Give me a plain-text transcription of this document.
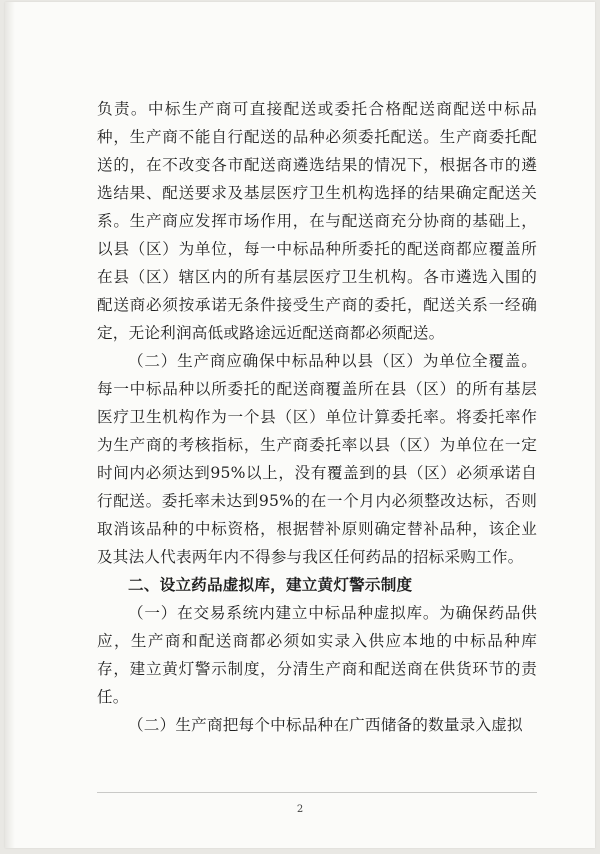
负责。中标生产商可直接配送或委托合格配送商配送中标品种，生产商不能自行配送的品种必须委托配送。生产商委托配送的，在不改变各市配送商遴选结果的情况下，根据各市的遴选结果、配送要求及基层医疗卫生机构选择的结果确定配送关系。生产商应发挥市场作用，在与配送商充分协商的基础上，以县（区）为单位，每一中标品种所委托的配送商都应覆盖所在县（区）辖区内的所有基层医疗卫生机构。各市遴选入围的配送商必须按承诺无条件接受生产商的委托，配送关系一经确定，无论利润高低或路途远近配送商都必须配送。

（二）生产商应确保中标品种以县（区）为单位全覆盖。每一中标品种以所委托的配送商覆盖所在县（区）的所有基层医疗卫生机构作为一个县（区）单位计算委托率。将委托率作为生产商的考核指标，生产商委托率以县（区）为单位在一定时间内必须达到95%以上，没有覆盖到的县（区）必须承诺自行配送。委托率未达到95%的在一个月内必须整改达标，否则取消该品种的中标资格，根据替补原则确定替补品种，该企业及其法人代表两年内不得参与我区任何药品的招标采购工作。

二、设立药品虚拟库，建立黄灯警示制度

（一）在交易系统内建立中标品种虚拟库。为确保药品供应，生产商和配送商都必须如实录入供应本地的中标品种库存，建立黄灯警示制度，分清生产商和配送商在供货环节的责任。

（二）生产商把每个中标品种在广西储备的数量录入虚拟

2
